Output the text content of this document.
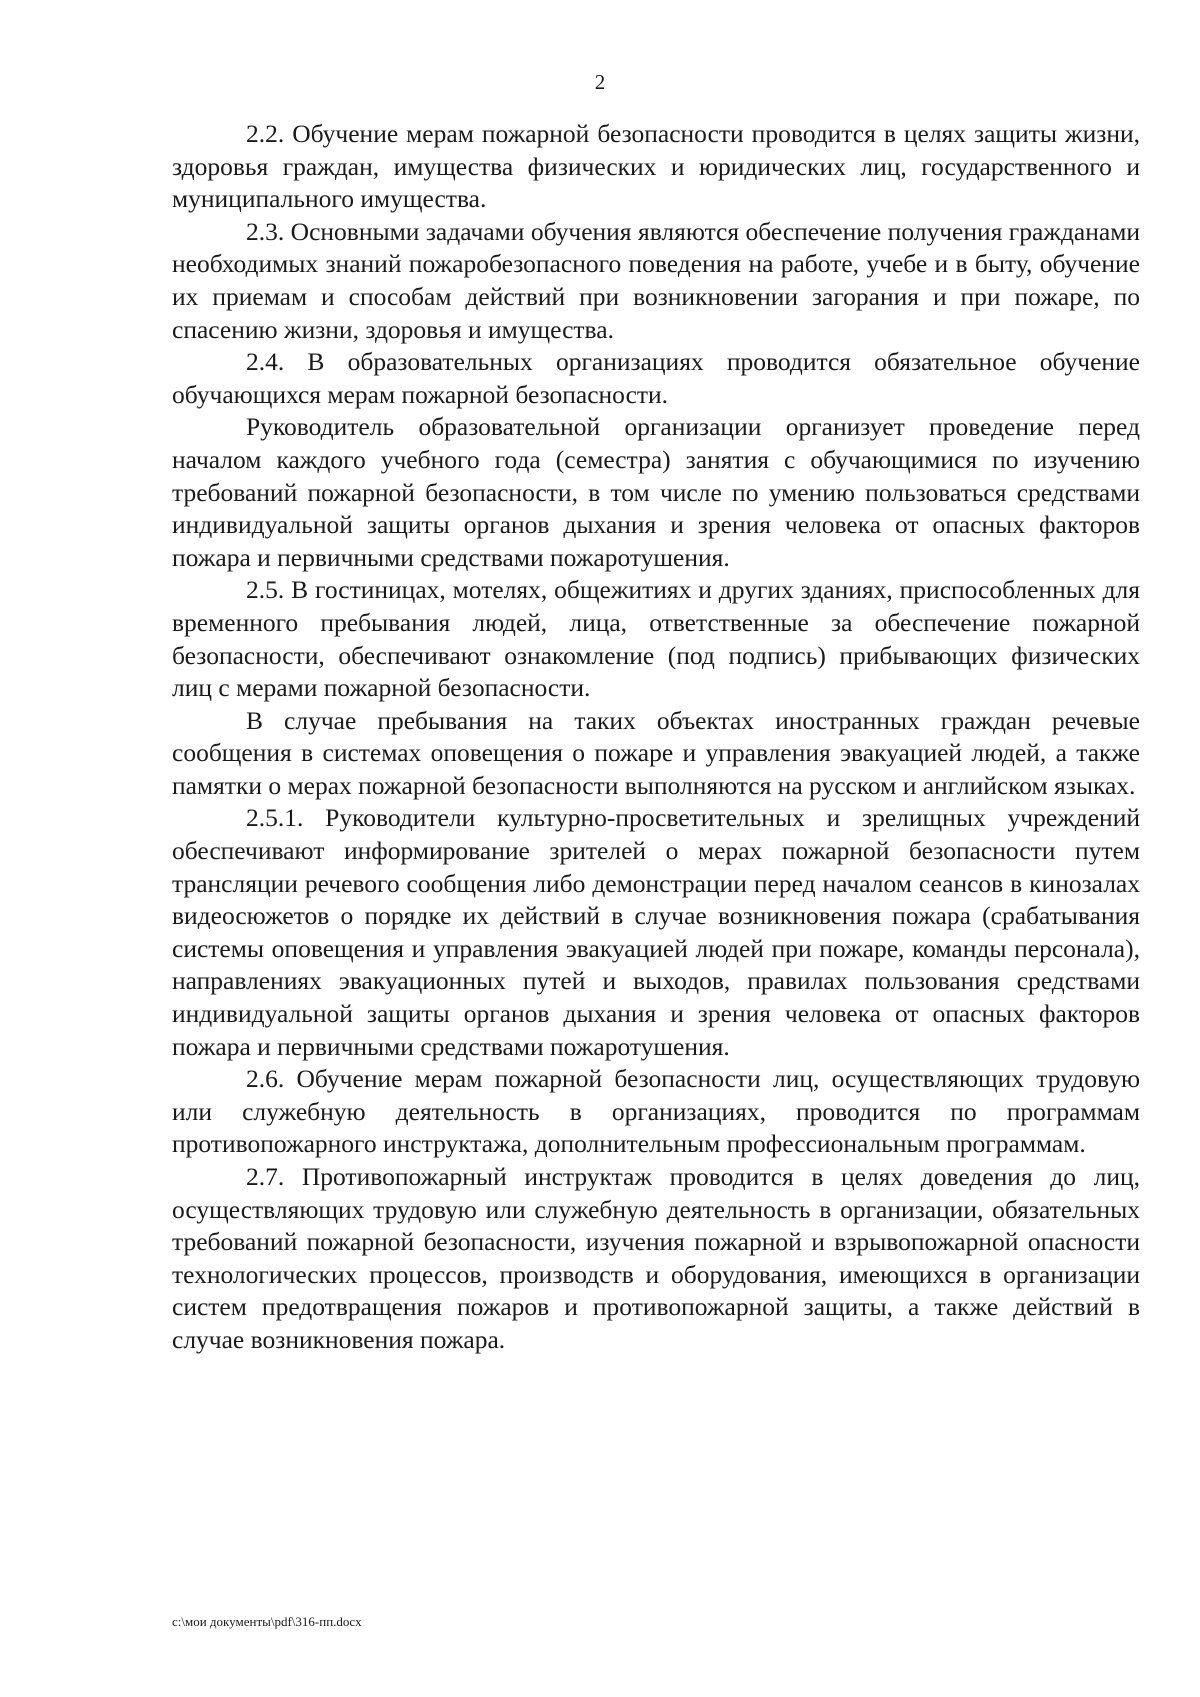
2

2.2. Обучение мерам пожарной безопасности проводится в целях защиты жизни, здоровья граждан, имущества физических и юридических лиц, государственного и муниципального имущества.

2.3. Основными задачами обучения являются обеспечение получения гражданами необходимых знаний пожаробезопасного поведения на работе, учебе и в быту, обучение их приемам и способам действий при возникновении загорания и при пожаре, по спасению жизни, здоровья и имущества.

2.4. В образовательных организациях проводится обязательное обучение обучающихся мерам пожарной безопасности.

Руководитель образовательной организации организует проведение перед началом каждого учебного года (семестра) занятия с обучающимися по изучению требований пожарной безопасности, в том числе по умению пользоваться средствами индивидуальной защиты органов дыхания и зрения человека от опасных факторов пожара и первичными средствами пожаротушения.

2.5. В гостиницах, мотелях, общежитиях и других зданиях, приспособленных для временного пребывания людей, лица, ответственные за обеспечение пожарной безопасности, обеспечивают ознакомление (под подпись) прибывающих физических лиц с мерами пожарной безопасности.

В случае пребывания на таких объектах иностранных граждан речевые сообщения в системах оповещения о пожаре и управления эвакуацией людей, а также памятки о мерах пожарной безопасности выполняются на русском и английском языках.

2.5.1. Руководители культурно-просветительных и зрелищных учреждений обеспечивают информирование зрителей о мерах пожарной безопасности путем трансляции речевого сообщения либо демонстрации перед началом сеансов в кинозалах видеосюжетов о порядке их действий в случае возникновения пожара (срабатывания системы оповещения и управления эвакуацией людей при пожаре, команды персонала), направлениях эвакуационных путей и выходов, правилах пользования средствами индивидуальной защиты органов дыхания и зрения человека от опасных факторов пожара и первичными средствами пожаротушения.

2.6. Обучение мерам пожарной безопасности лиц, осуществляющих трудовую или служебную деятельность в организациях, проводится по программам противопожарного инструктажа, дополнительным профессиональным программам.

2.7. Противопожарный инструктаж проводится в целях доведения до лиц, осуществляющих трудовую или служебную деятельность в организации, обязательных требований пожарной безопасности, изучения пожарной и взрывопожарной опасности технологических процессов, производств и оборудования, имеющихся в организации систем предотвращения пожаров и противопожарной защиты, а также действий в случае возникновения пожара.

c:\мои документы\pdf\316-пп.docx
